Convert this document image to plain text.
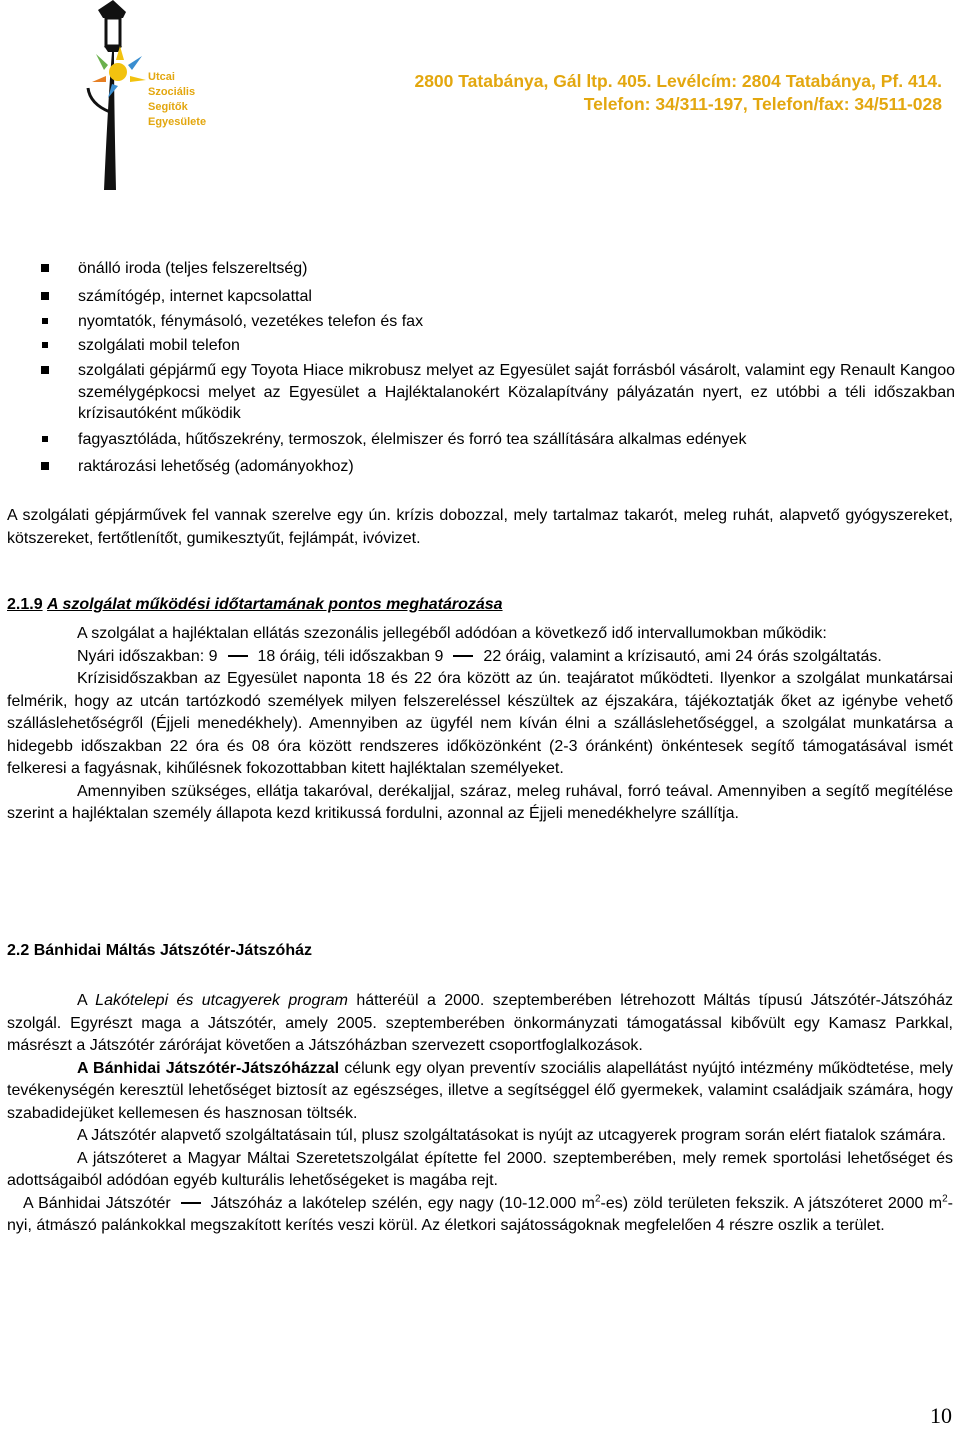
Utcai
Szociális
Segítők
Egyesülete
2800 Tatabánya, Gál ltp. 405. Levélcím: 2804 Tatabánya, Pf. 414.
Telefon: 34/311-197, Telefon/fax: 34/511-028
önálló iroda (teljes felszereltség)
számítógép, internet kapcsolattal
nyomtatók, fénymásoló, vezetékes telefon és fax
szolgálati mobil telefon
szolgálati gépjármű egy Toyota Hiace mikrobusz melyet az Egyesület saját forrásból vásárolt, valamint egy Renault Kangoo személygépkocsi melyet az Egyesület a Hajléktalanokért Közalapítvány pályázatán nyert, ez utóbbi a téli időszakban krízisautóként működik
fagyasztóláda, hűtőszekrény, termoszok, élelmiszer és forró tea szállítására alkalmas edények
raktározási lehetőség (adományokhoz)
A szolgálati gépjárművek fel vannak szerelve egy ún. krízis dobozzal, mely tartalmaz takarót, meleg ruhát, alapvető gyógyszereket, kötszereket, fertőtlenítőt, gumikesztyűt, fejlámpát, ivóvizet.
2.1.9 A szolgálat működési időtartamának pontos meghatározása
A szolgálat a hajléktalan ellátás szezonális jellegéből adódóan a következő idő intervallumokban működik:
Nyári időszakban: 9	18 óráig, téli időszakban 9	22 óráig, valamint a krízisautó, ami 24 órás szolgáltatás.
Krízisidőszakban az Egyesület naponta 18 és 22 óra között az ún. teajáratot működteti. Ilyenkor a szolgálat munkatársai felmérik, hogy az utcán tartózkodó személyek milyen felszereléssel készültek az éjszakára, tájékoztatják őket az igénybe vehető szálláslehetőségről (Éjjeli menedékhely). Amennyiben az ügyfél nem kíván élni a szálláslehetőséggel, a szolgálat munkatársa a hidegebb időszakban 22 óra és 08 óra között rendszeres időközönként (2-3 óránként) önkéntesek segítő támogatásával ismét felkeresi a fagyásnak, kihűlésnek fokozottabban kitett hajléktalan személyeket.
Amennyiben szükséges, ellátja takaróval, derékaljjal, száraz, meleg ruhával, forró teával. Amennyiben a segítő megítélése szerint a hajléktalan személy állapota kezd kritikussá fordulni, azonnal az Éjjeli menedékhelyre szállítja.
2.2 Bánhidai Máltás Játszótér-Játszóház
A Lakótelepi és utcagyerek program hátteréül a 2000. szeptemberében létrehozott Máltás típusú Játszótér-Játszóház szolgál. Egyrészt maga a Játszótér, amely 2005. szeptemberében önkormányzati támogatással kibővült egy Kamasz Parkkal, másrészt a Játszótér zárórájat követően a Játszóházban szervezett csoportfoglalkozások.
A Bánhidai Játszótér-Játszóházzal célunk egy olyan preventív szociális alapellátást nyújtó intézmény működtetése, mely tevékenységén keresztül lehetőséget biztosít az egészséges, illetve a segítséggel élő gyermekek, valamint családjaik számára, hogy szabadidejüket kellemesen és hasznosan töltsék.
A Játszótér alapvető szolgáltatásain túl, plusz szolgáltatásokat is nyújt az utcagyerek program során elért fiatalok számára.
A játszóteret a Magyar Máltai Szeretetszolgálat építette fel 2000. szeptemberében, mely remek sportolási lehetőséget és adottságaiból adódóan egyéb kulturális lehetőségeket is magába rejt.
A Bánhidai Játszótér	Játszóház a lakótelep szélén, egy nagy (10-12.000 $m^2-es$) zöld területen fekszik. A játszóteret 2000 $m^2$-nyi, átmászó palánkokkal megszakított kerítés veszi körül. Az életkori sajátosságoknak megfelelően 4 részre oszlik a terület.
10
